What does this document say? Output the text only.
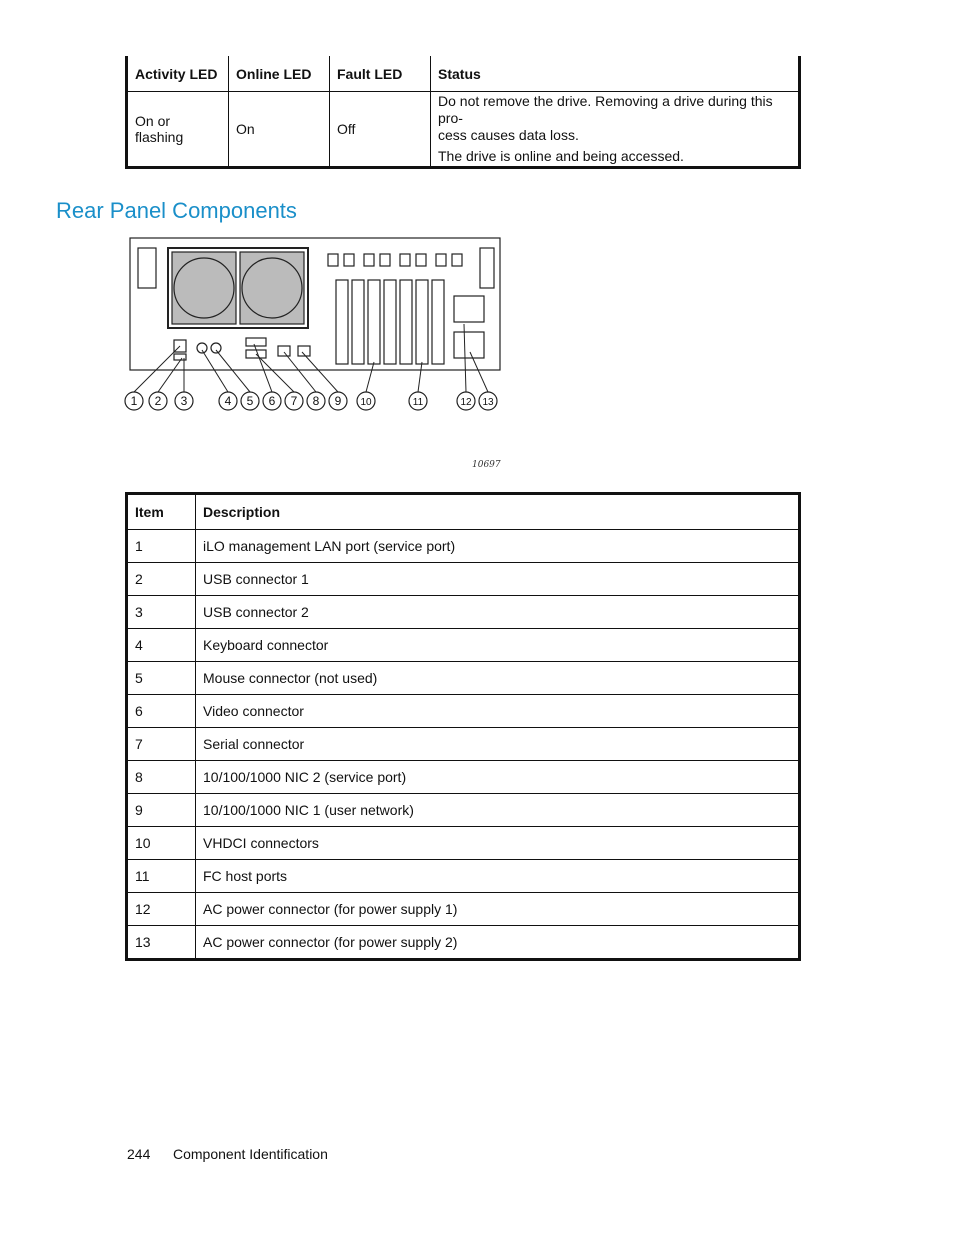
Activity LED	Online LED	Fault LED	Status
On or flashing	On	Off	Do not remove the drive. Removing a drive during this pro-

cess causes data loss.

The drive is online and being accessed.

Rear Panel Components
1 2 3	4 5 6 7 8 9 10	11	12 13
10697
Item	Description
1	iLO management LAN port (service port)
2	USB connector 1
3	USB connector 2
4	Keyboard connector
5	Mouse connector (not used)
6	Video connector
7	Serial connector
8	10/100/1000 NIC 2 (service port)
9	10/100/1000 NIC 1 (user network)
10	VHDCI connectors
11	FC host ports
12	AC power connector (for power supply 1)
13	AC power connector (for power supply 2)
244 Component Identification
